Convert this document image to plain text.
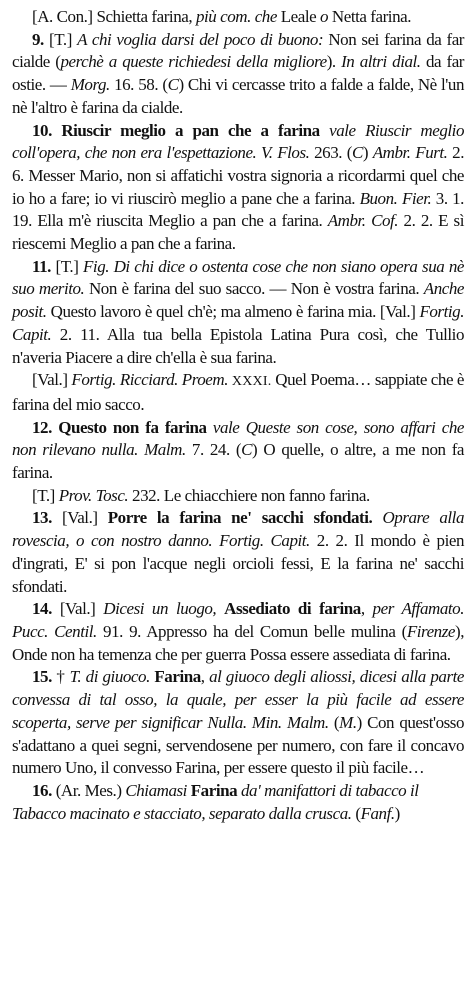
[A. Con.] Schietta farina, più com. che Leale o Netta farina.

9. [T.] A chi voglia darsi del poco di buono: Non sei farina da far cialde (perchè a queste richiedesi della migliore). In altri dial. da far ostie. — Morg. 16. 58. (C) Chi vi cercasse trito a falde a falde, Nè l'un nè l'altro è farina da cialde.

10. Riuscir meglio a pan che a farina vale Riuscir meglio coll'opera, che non era l'espettazione. V. Flos. 263. (C) Ambr. Furt. 2. 6. Messer Mario, non si affatichi vostra signoria a ricordarmi quel che io ho a fare; io vi riuscirò meglio a pane che a farina. Buon. Fier. 3. 1. 19. Ella m'è riuscita Meglio a pan che a farina. Ambr. Cof. 2. 2. E sì riescemi Meglio a pan che a farina.

11. [T.] Fig. Di chi dice o ostenta cose che non siano opera sua nè suo merito. Non è farina del suo sacco. — Non è vostra farina. Anche posit. Questo lavoro è quel ch'è; ma almeno è farina mia. [Val.] Fortig. Capit. 2. 11. Alla tua bella Epistola Latina Pura così, che Tullio n'averia Piacere a dire ch'ella è sua farina.

[Val.] Fortig. Ricciard. Proem. XXXI. Quel Poema… sappiate che è farina del mio sacco.

12. Questo non fa farina vale Queste son cose, sono affari che non rilevano nulla. Malm. 7. 24. (C) O quelle, o altre, a me non fa farina.

[T.] Prov. Tosc. 232. Le chiacchiere non fanno farina.

13. [Val.] Porre la farina ne' sacchi sfondati. Oprare alla rovescia, o con nostro danno. Fortig. Capit. 2. 2. Il mondo è pien d'ingrati, E' si pon l'acque negli orcioli fessi, E la farina ne' sacchi sfondati.

14. [Val.] Dicesi un luogo, Assediato di farina, per Affamato. Pucc. Centil. 91. 9. Appresso ha del Comun belle mulina (Firenze), Onde non ha temenza che per guerra Possa essere assediata di farina.

15. † T. di giuoco. Farina, al giuoco degli aliossi, dicesi alla parte convessa di tal osso, la quale, per esser la più facile ad essere scoperta, serve per significar Nulla. Min. Malm. (M.) Con quest'osso s'adattano a quei segni, servendosene per numero, con fare il concavo numero Uno, il convesso Farina, per essere questo il più facile…

16. (Ar. Mes.) Chiamasi Farina da' manifattori di tabacco il Tabacco macinato e stacciato, separato dalla crusca. (Fanf.)
